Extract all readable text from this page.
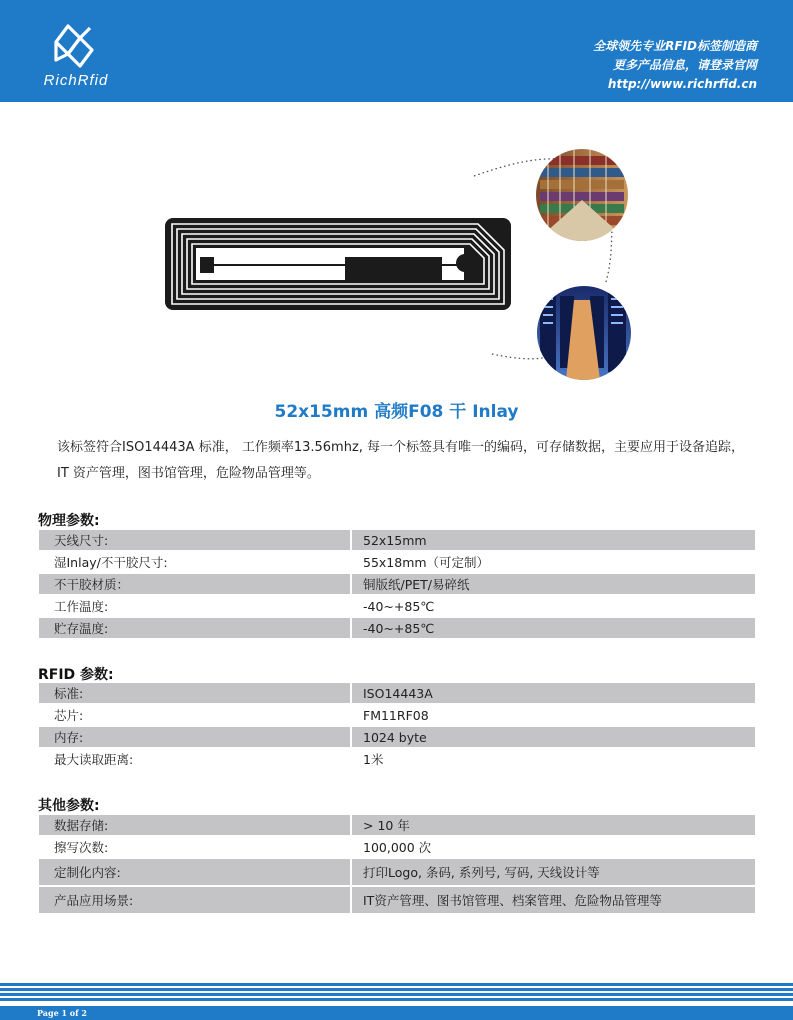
RichRfid
全球领先专业RFID标签制造商
更多产品信息，请登录官网
http://www.richrfid.cn
52x15mm 高频F08 干 Inlay
该标签符合ISO14443A 标准， 工作频率13.56mhz, 每一个标签具有唯一的编码，可存储数据，主要应用于设备追踪，IT 资产管理，图书馆管理，危险物品管理等。
物理参数:
天线尺寸:	52x15mm
湿Inlay/不干胶尺寸:	55x18mm（可定制）
不干胶材质：	铜版纸/PET/易碎纸
工作温度:	-40~+85℃
贮存温度:	-40~+85℃
RFID 参数:
标准:	ISO14443A
芯片:	FM11RF08
内存:	1024 byte
最大读取距离:	1米
其他参数:
数据存储:	> 10 年
擦写次数:	100,000 次
定制化内容:	打印Logo, 条码, 系列号, 写码, 天线设计等
产品应用场景:	IT资产管理、图书馆管理、档案管理、危险物品管理等
Page 1 of 2
